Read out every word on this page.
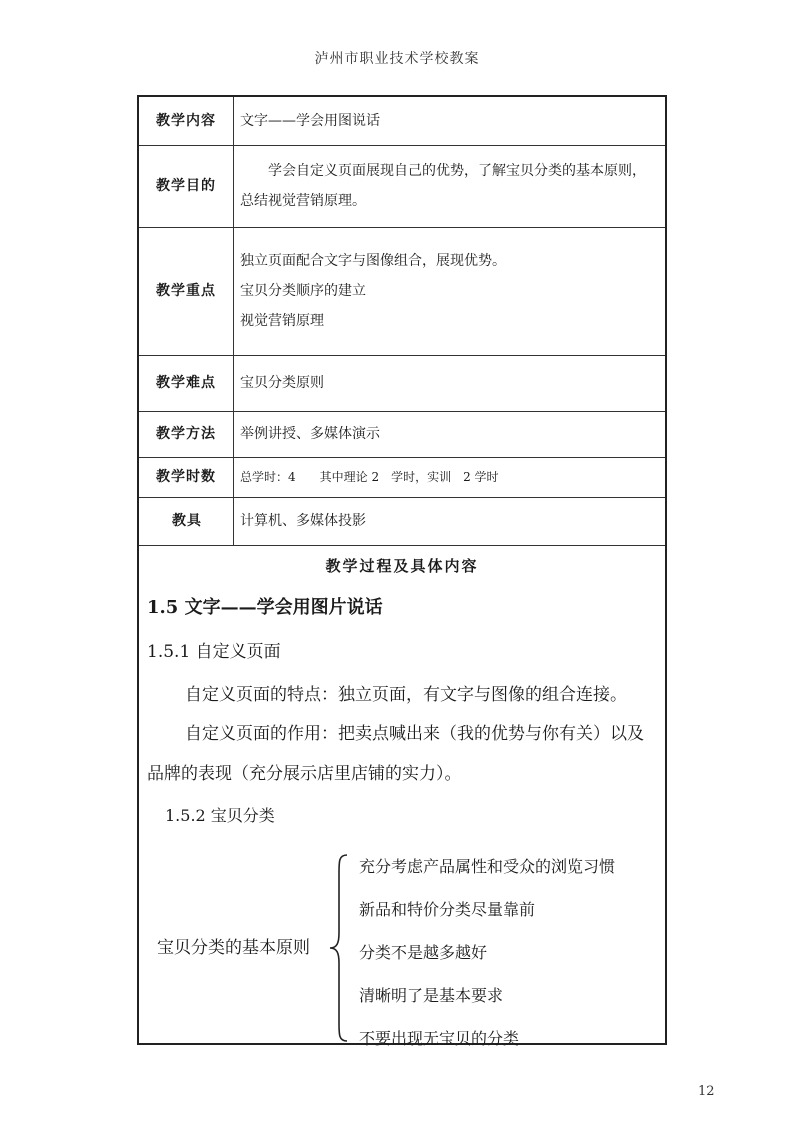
泸州市职业技术学校教案
教学内容	文字——学会用图说话
教学目的	学会自定义页面展现自己的优势，了解宝贝分类的基本原则，总结视觉营销原理。
教学重点	独立页面配合文字与图像组合，展现优势。
宝贝分类顺序的建立
视觉营销原理

教学难点	宝贝分类原则
教学方法	举例讲授、多媒体演示
教学时数	总学时：4　　其中理论 2　学时，实训　2 学时
教具	计算机、多媒体投影
教学过程及具体内容
1.5 文字——学会用图片说话
1.5.1 自定义页面
自定义页面的特点：独立页面，有文字与图像的组合连接。
自定义页面的作用：把卖点喊出来（我的优势与你有关）以及品牌的表现（充分展示店里店铺的实力）。
1.5.2 宝贝分类
宝贝分类的基本原则
充分考虑产品属性和受众的浏览习惯
新品和特价分类尽量靠前
分类不是越多越好
清晰明了是基本要求
不要出现无宝贝的分类
12
